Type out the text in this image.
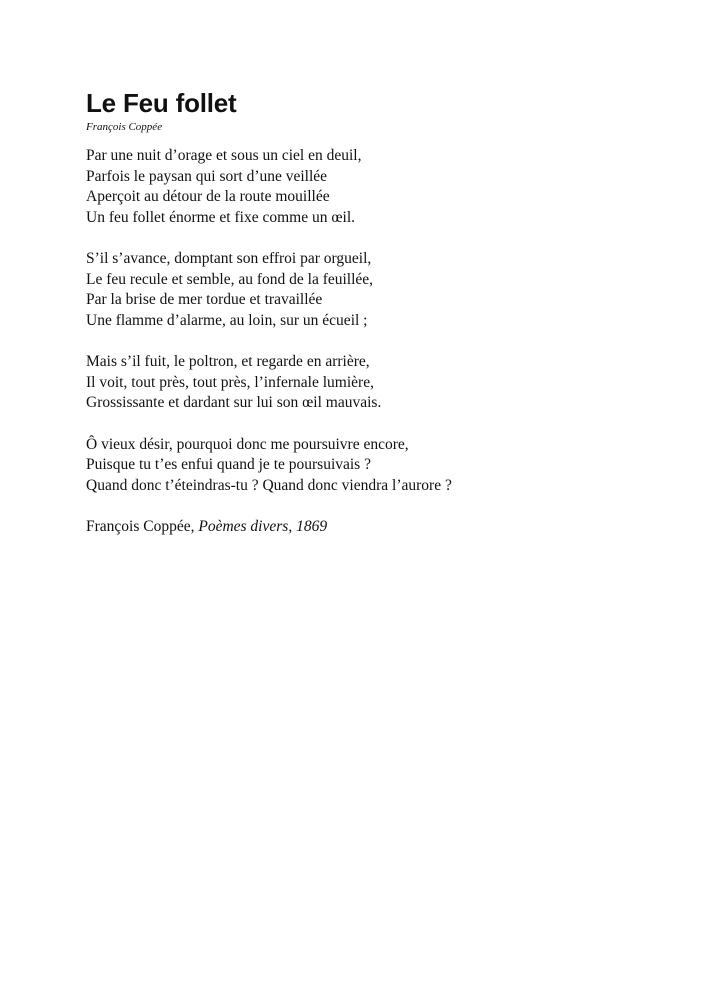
Le Feu follet
François Coppée
Par une nuit d’orage et sous un ciel en deuil,
Parfois le paysan qui sort d’une veillée
Aperçoit au détour de la route mouillée
Un feu follet énorme et fixe comme un œil.
S’il s’avance, domptant son effroi par orgueil,
Le feu recule et semble, au fond de la feuillée,
Par la brise de mer tordue et travaillée
Une flamme d’alarme, au loin, sur un écueil ;
Mais s’il fuit, le poltron, et regarde en arrière,
Il voit, tout près, tout près, l’infernale lumière,
Grossissante et dardant sur lui son œil mauvais.
Ô vieux désir, pourquoi donc me poursuivre encore,
Puisque tu t’es enfui quand je te poursuivais ?
Quand donc t’éteindras-tu ? Quand donc viendra l’aurore ?
François Coppée, Poèmes divers, 1869
